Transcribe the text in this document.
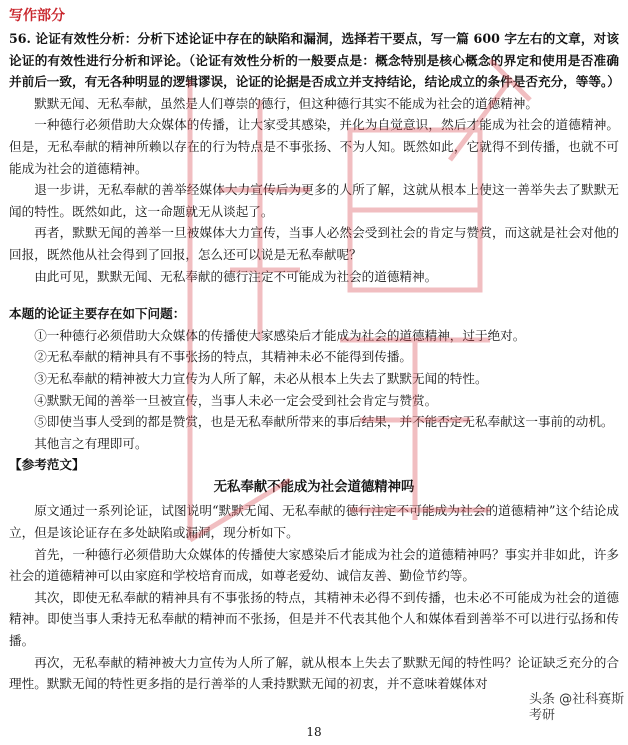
写作部分

56. 论证有效性分析：分析下述论证中存在的缺陷和漏洞，选择若干要点，写一篇 600 字左右的文章，对该论证的有效性进行分析和评论。（论证有效性分析的一般要点是：概念特别是核心概念的界定和使用是否准确并前后一致，有无各种明显的逻辑谬误，论证的论据是否成立并支持结论，结论成立的条件是否充分，等等。）

默默无闻、无私奉献，虽然是人们尊崇的德行，但这种德行其实不能成为社会的道德精神。

一种德行必须借助大众媒体的传播，让大家受其感染，并化为自觉意识，然后才能成为社会的道德精神。但是，无私奉献的精神所赖以存在的行为特点是不事张扬、不为人知。既然如此，它就得不到传播，也就不可能成为社会的道德精神。

退一步讲，无私奉献的善举经媒体大力宣传后为更多的人所了解，这就从根本上使这一善举失去了默默无闻的特性。既然如此，这一命题就无从谈起了。

再者，默默无闻的善举一旦被媒体大力宣传，当事人必然会受到社会的肯定与赞赏，而这就是社会对他的回报，既然他从社会得到了回报，怎么还可以说是无私奉献呢？

由此可见，默默无闻、无私奉献的德行注定不可能成为社会的道德精神。

本题的论证主要存在如下问题：

①一种德行必须借助大众媒体的传播使大家感染后才能成为社会的道德精神，过于绝对。

②无私奉献的精神具有不事张扬的特点，其精神未必不能得到传播。

③无私奉献的精神被大力宣传为人所了解，未必从根本上失去了默默无闻的特性。

④默默无闻的善举一旦被宣传，当事人未必一定会受到社会肯定与赞赏。

⑤即使当事人受到的都是赞赏，也是无私奉献所带来的事后结果，并不能否定无私奉献这一事前的动机。

其他言之有理即可。

【参考范文】

无私奉献不能成为社会道德精神吗

原文通过一系列论证，试图说明“默默无闻、无私奉献的德行注定不可能成为社会的道德精神”这个结论成立，但是该论证存在多处缺陷或漏洞，现分析如下。

首先，一种德行必须借助大众媒体的传播使大家感染后才能成为社会的道德精神吗？事实并非如此，许多社会的道德精神可以由家庭和学校培育而成，如尊老爱幼、诚信友善、勤俭节约等。

其次，即使无私奉献的精神具有不事张扬的特点，其精神未必得不到传播，也未必不可能成为社会的道德精神。即使当事人秉持无私奉献的精神而不张扬，但是并不代表其他个人和媒体看到善举不可以进行弘扬和传播。

再次，无私奉献的精神被大力宣传为人所了解，就从根本上失去了默默无闻的特性吗？论证缺乏充分的合理性。默默无闻的特性更多指的是行善举的人秉持默默无闻的初衷，并不意味着媒体对

18
头条 @社科赛斯考研
